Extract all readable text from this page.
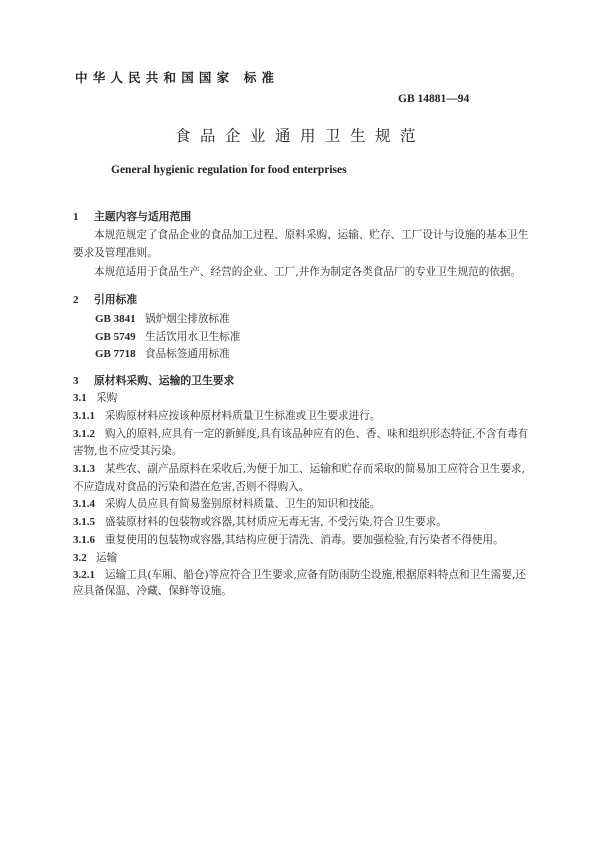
中华人民共和国国家 标准
GB 14881—94
食品企业通用卫生规范
General hygienic regulation for food enterprises
1 主题内容与适用范围
本规范规定了食品企业的食品加工过程、原料采购、运输、贮存、工厂设计与设施的基本卫生
要求及管理准则。
本规范适用于食品生产、经营的企业、工厂,并作为制定各类食品厂的专业卫生规范的依据。
2 引用标准
GB 3841 锅炉烟尘排放标准
GB 5749 生活饮用水卫生标准
GB 7718 食品标签通用标准
3 原材料采购、运输的卫生要求
3.1 采购
3.1.1 采购原材料应按该种原材料质量卫生标准或卫生要求进行。
3.1.2 购入的原料,应具有一定的新鲜度,具有该品种应有的色、香、味和组织形态特征,不含有毒有
害物,也不应受其污染。
3.1.3 某些农、副产品原料在采收后,为便于加工、运输和贮存而采取的简易加工应符合卫生要求,
不应造成对食品的污染和潜在危害,否则不得购入。
3.1.4 采购人员应具有简易鉴别原材料质量、卫生的知识和技能。
3.1.5 盛装原材料的包装物或容器,其材质应无毒无害, 不受污染,符合卫生要求。
3.1.6 重复使用的包装物或容器,其结构应便于清洗、消毒。要加强检验,有污染者不得使用。
3.2 运输
3.2.1 运输工具(车厢、船仓)等应符合卫生要求,应备有防雨防尘设施,根据原料特点和卫生需要,还
应具备保温、冷藏、保鲜等设施。
